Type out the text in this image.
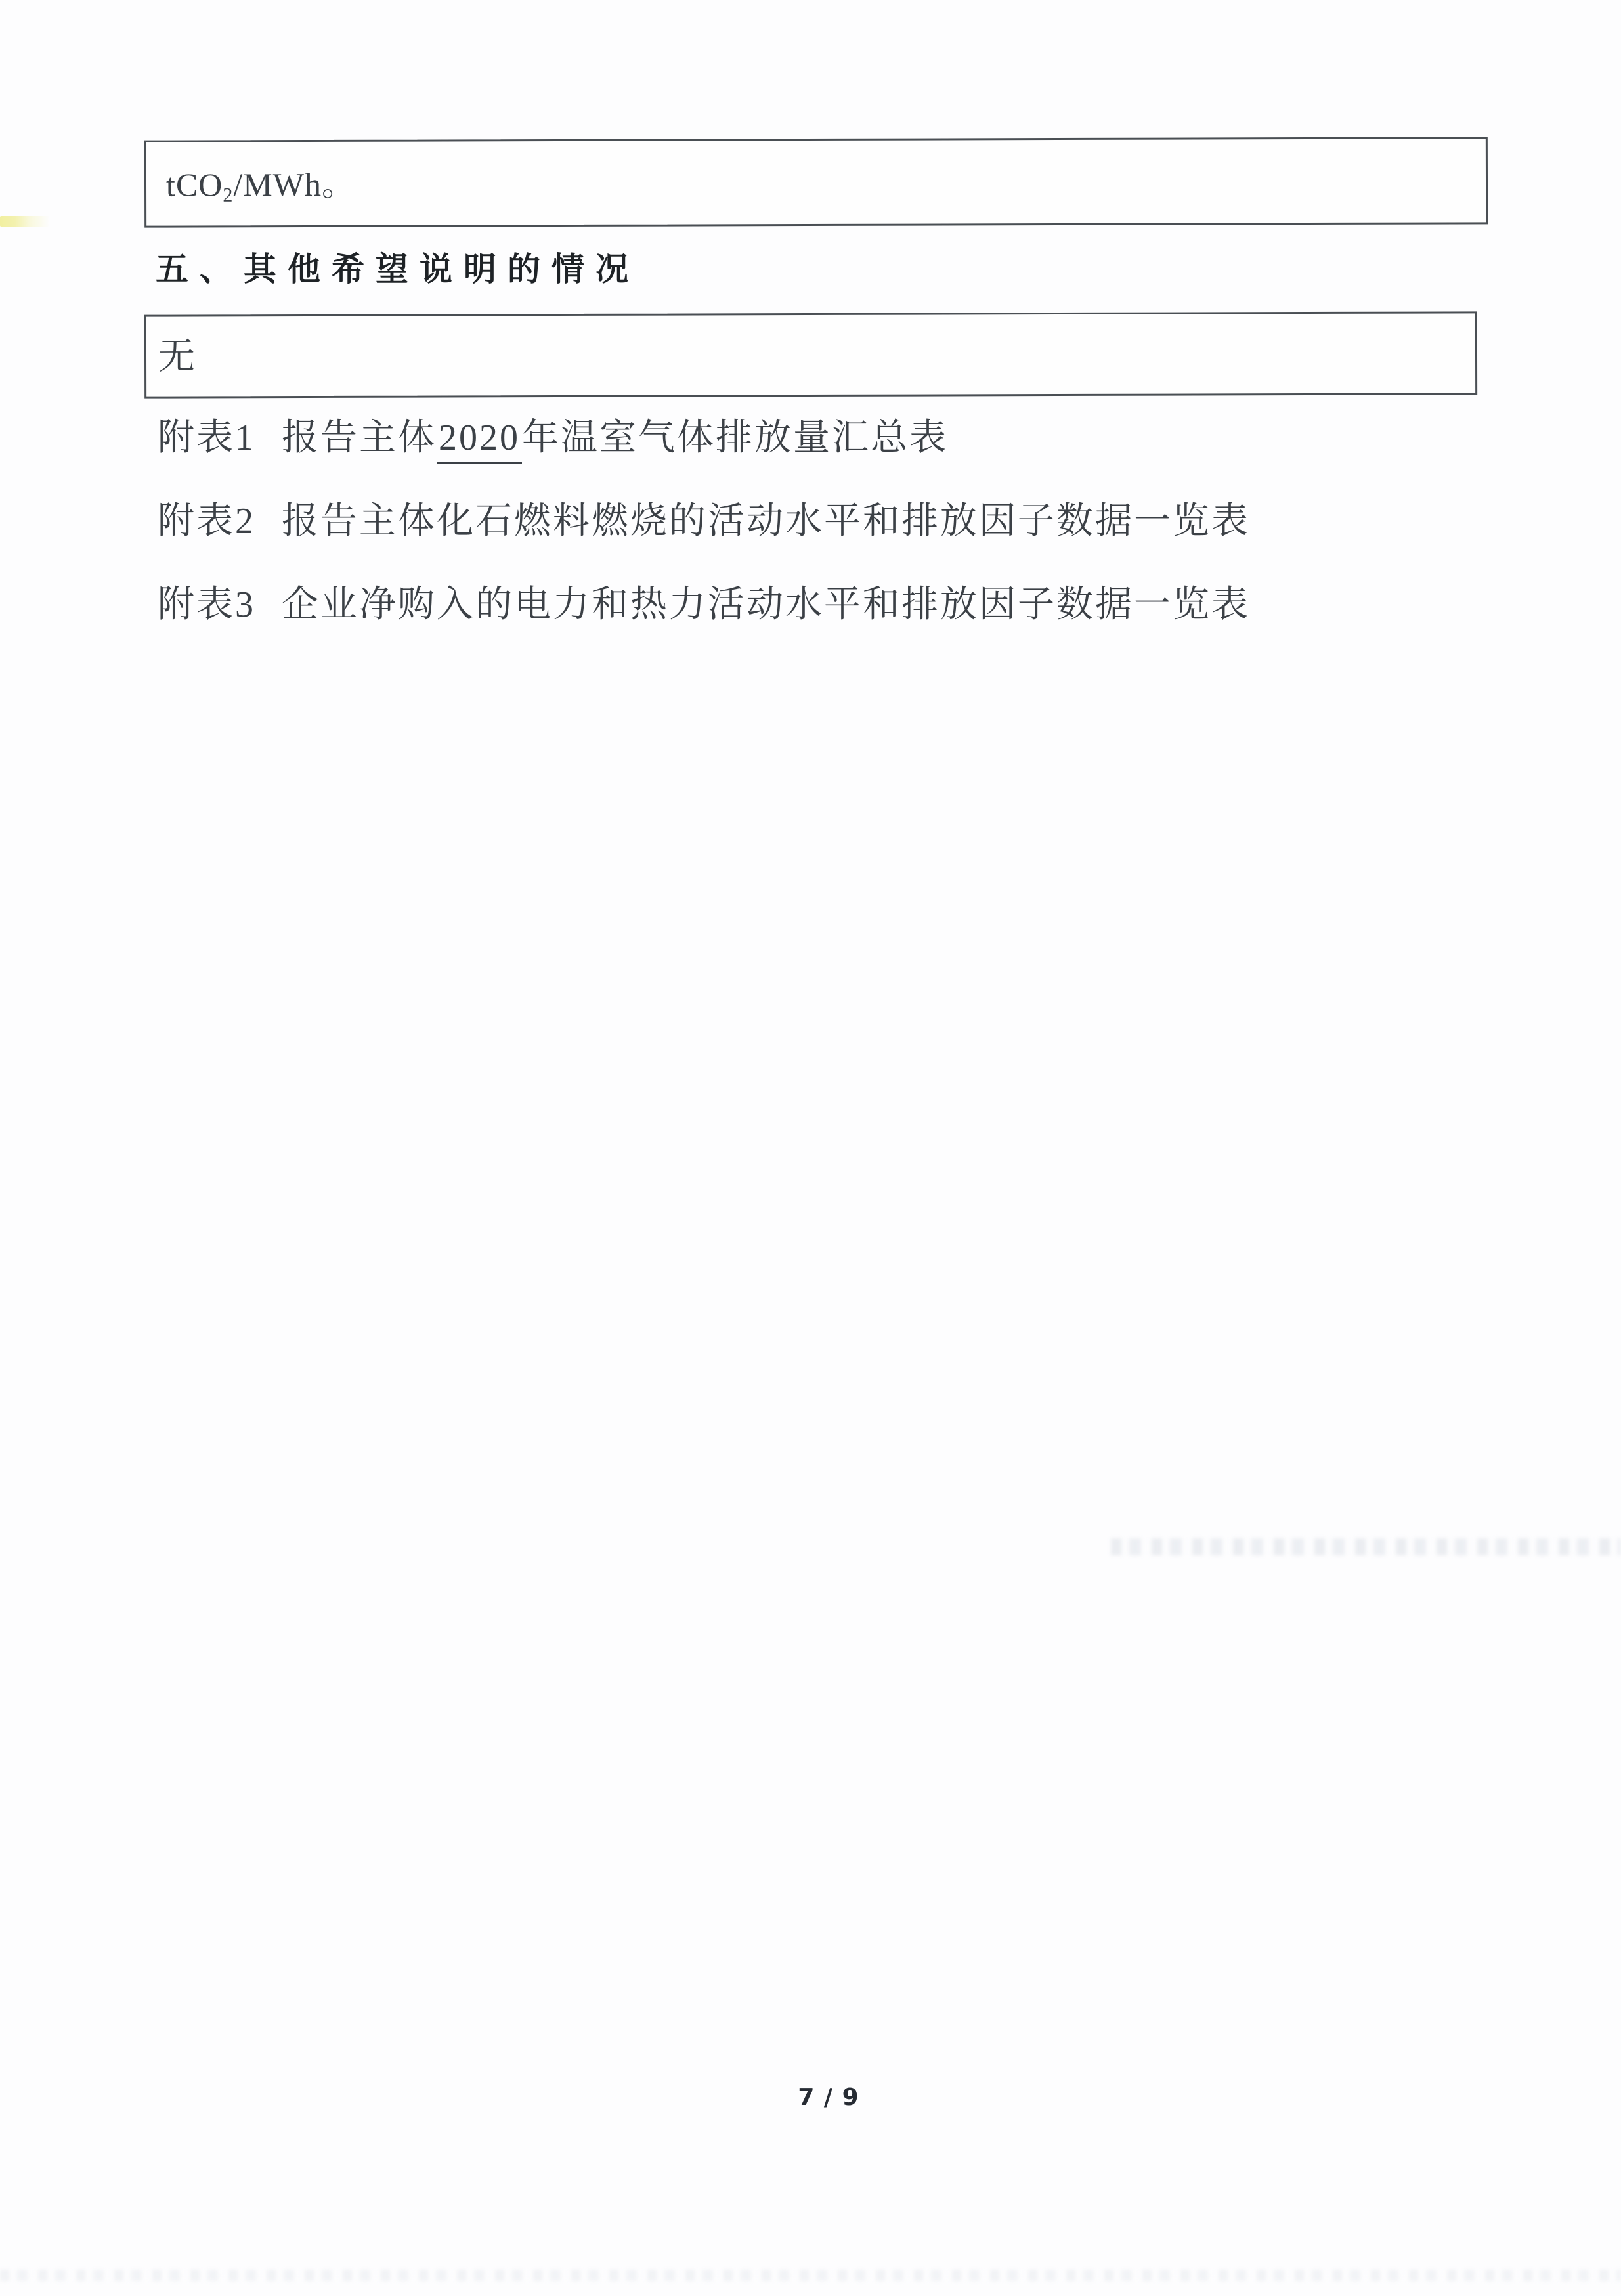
tCO$_2$/MWh。

五、其他希望说明的情况

无

附表1 报告主体2020年温室气体排放量汇总表

附表2 报告主体化石燃料燃烧的活动水平和排放因子数据一览表

附表3 企业净购入的电力和热力活动水平和排放因子数据一览表

7 / 9
